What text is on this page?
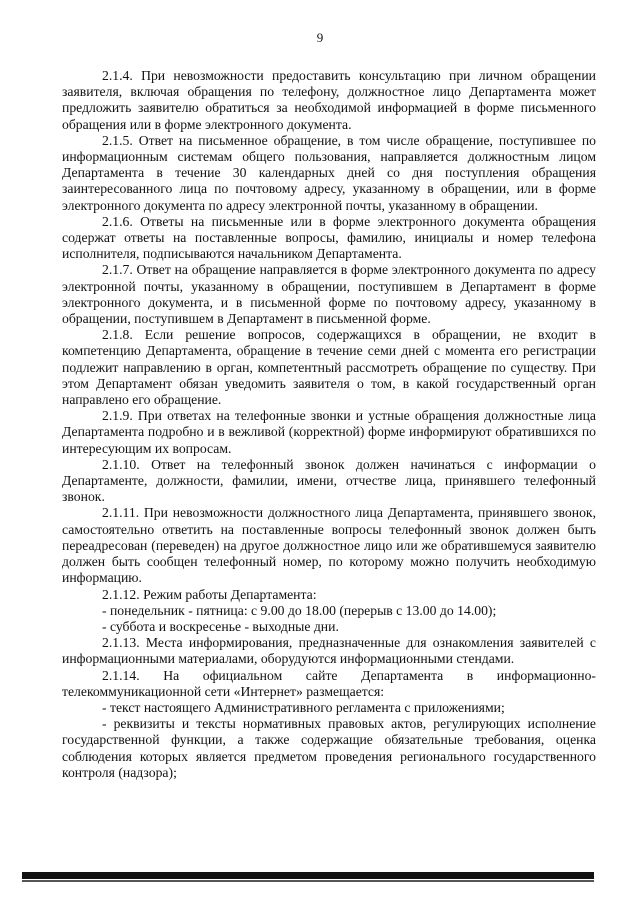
9

2.1.4. При невозможности предоставить консультацию при личном обращении заявителя, включая обращения по телефону, должностное лицо Департамента может предложить заявителю обратиться за необходимой информацией в форме письменного обращения или в форме электронного документа.

2.1.5. Ответ на письменное обращение, в том числе обращение, поступившее по информационным системам общего пользования, направляется должностным лицом Департамента в течение 30 календарных дней со дня поступления обращения заинтересованного лица по почтовому адресу, указанному в обращении, или в форме электронного документа по адресу электронной почты, указанному в обращении.

2.1.6. Ответы на письменные или в форме электронного документа обращения содержат ответы на поставленные вопросы, фамилию, инициалы и номер телефона исполнителя, подписываются начальником Департамента.

2.1.7. Ответ на обращение направляется в форме электронного документа по адресу электронной почты, указанному в обращении, поступившем в Департамент в форме электронного документа, и в письменной форме по почтовому адресу, указанному в обращении, поступившем в Департамент в письменной форме.

2.1.8. Если решение вопросов, содержащихся в обращении, не входит в компетенцию Департамента, обращение в течение семи дней с момента его регистрации подлежит направлению в орган, компетентный рассмотреть обращение по существу. При этом Департамент обязан уведомить заявителя о том, в какой государственный орган направлено его обращение.

2.1.9. При ответах на телефонные звонки и устные обращения должностные лица Департамента подробно и в вежливой (корректной) форме информируют обратившихся по интересующим их вопросам.

2.1.10. Ответ на телефонный звонок должен начинаться с информации о Департаменте, должности, фамилии, имени, отчестве лица, принявшего телефонный звонок.

2.1.11. При невозможности должностного лица Департамента, принявшего звонок, самостоятельно ответить на поставленные вопросы телефонный звонок должен быть переадресован (переведен) на другое должностное лицо или же обратившемуся заявителю должен быть сообщен телефонный номер, по которому можно получить необходимую информацию.

2.1.12. Режим работы Департамента:

- понедельник - пятница: с 9.00 до 18.00 (перерыв с 13.00 до 14.00);

- суббота и воскресенье - выходные дни.

2.1.13. Места информирования, предназначенные для ознакомления заявителей с информационными материалами, оборудуются информационными стендами.

2.1.14. На официальном сайте Департамента в информационно-телекоммуникационной сети «Интернет» размещается:

- текст настоящего Административного регламента с приложениями;

- реквизиты и тексты нормативных правовых актов, регулирующих исполнение государственной функции, а также содержащие обязательные требования, оценка соблюдения которых является предметом проведения регионального государственного контроля (надзора);
